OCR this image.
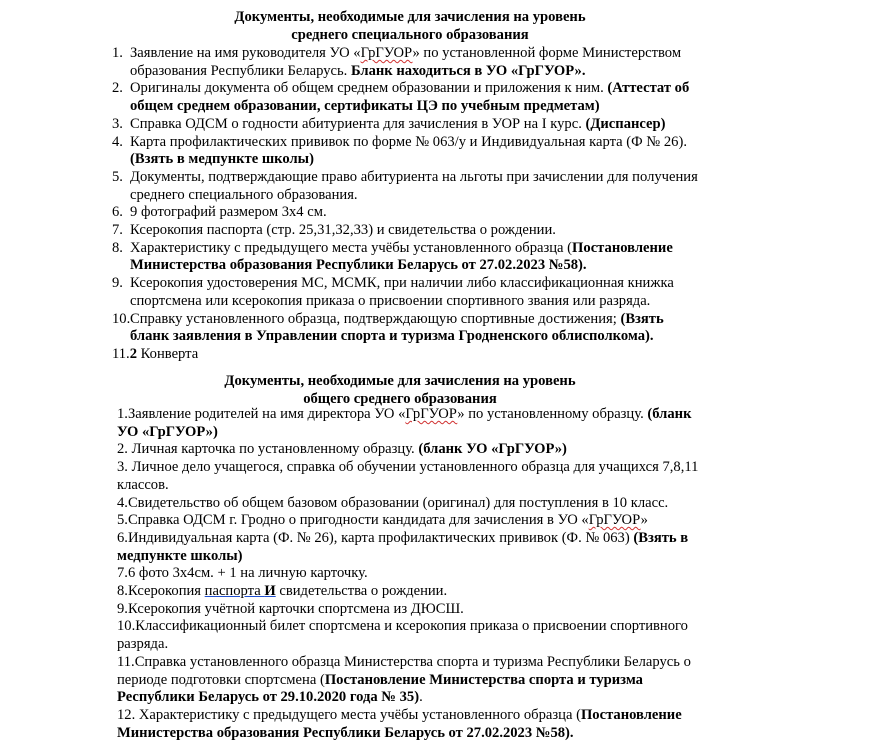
Документы, необходимые для зачисления на уровень
среднего специального образования
1. Заявление на имя руководителя УО «ГрГУОР» по установленной форме Министерством
образования Республики Беларусь. Бланк находиться в УО «ГрГУОР».
2. Оригиналы документа об общем среднем образовании и приложения к ним. (Аттестат об
общем среднем образовании, сертификаты ЦЭ по учебным предметам)
3. Справка ОДСМ о годности абитуриента для зачисления в УОР на I курс. (Диспансер)
4. Карта профилактических прививок по форме № 063/у и Индивидуальная карта (Ф № 26).
(Взять в медпункте школы)
5. Документы, подтверждающие право абитуриента на льготы при зачислении для получения
среднего специального образования.
6. 9 фотографий размером 3х4 см.
7. Ксерокопия паспорта (стр. 25,31,32,33) и свидетельства о рождении.
8. Характеристику с предыдущего места учёбы установленного образца (Постановление
Министерства образования Республики Беларусь от 27.02.2023 №58).
9. Ксерокопия удостоверения МС, МСМК, при наличии либо классификационная книжка
спортсмена или ксерокопия приказа о присвоении спортивного звания или разряда.
10. Справку установленного образца, подтверждающую спортивные достижения; (Взять
бланк заявления в Управлении спорта и туризма Гродненского облисполкома).
11.2 Конверта
Документы, необходимые для зачисления на уровень
общего среднего образования
1.Заявление родителей на имя директора УО «ГрГУОР» по установленному образцу. (бланк
УО «ГрГУОР»)
2. Личная карточка по установленному образцу. (бланк УО «ГрГУОР»)
3. Личное дело учащегося, справка об обучении установленного образца для учащихся 7,8,11
классов.
4.Свидетельство об общем базовом образовании (оригинал) для поступления в 10 класс.
5.Справка ОДСМ г. Гродно о пригодности кандидата для зачисления в УО «ГрГУОР»
6.Индивидуальная карта (Ф. № 26), карта профилактических прививок (Ф. № 063) (Взять в
медпункте школы)
7.6 фото 3х4см. + 1 на личную карточку.
8.Ксерокопия паспорта И свидетельства о рождении.
9.Ксерокопия учётной карточки спортсмена из ДЮСШ.
10.Классификационный билет спортсмена и ксерокопия приказа о присвоении спортивного
разряда.
11.Справка установленного образца Министерства спорта и туризма Республики Беларусь о
периоде подготовки спортсмена (Постановление Министерства спорта и туризма
Республики Беларусь от 29.10.2020 года № 35).
12. Характеристику с предыдущего места учёбы установленного образца (Постановление
Министерства образования Республики Беларусь от 27.02.2023 №58).
